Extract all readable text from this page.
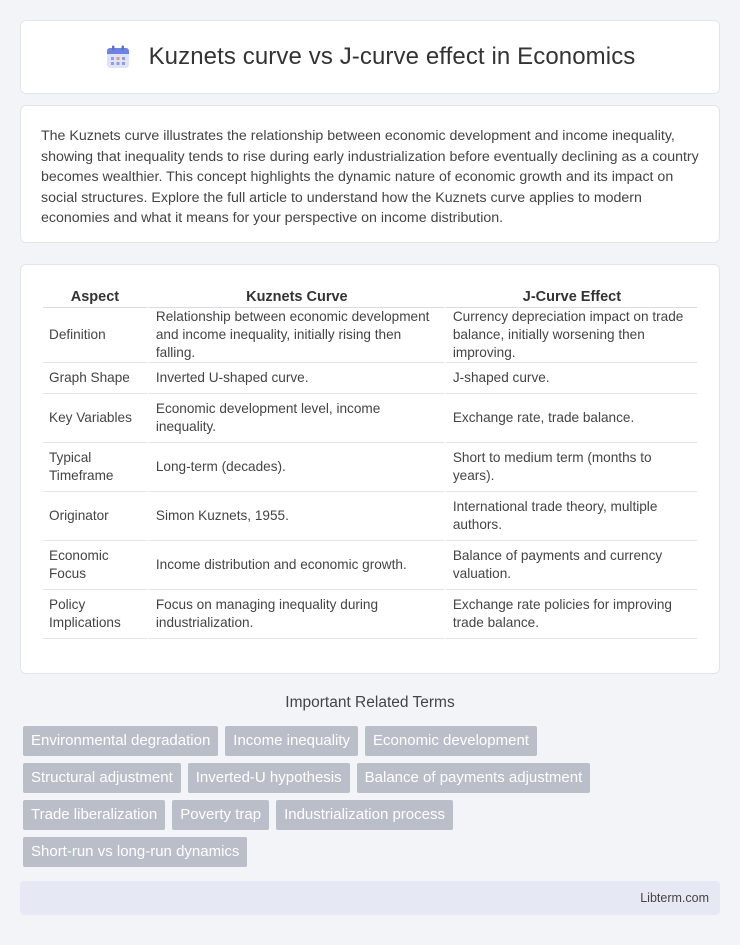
Kuznets curve vs J-curve effect in Economics

The Kuznets curve illustrates the relationship between economic development and income inequality, showing that inequality tends to rise during early industrialization before eventually declining as a country becomes wealthier. This concept highlights the dynamic nature of economic growth and its impact on social structures. Explore the full article to understand how the Kuznets curve applies to modern economies and what it means for your perspective on income distribution.

Aspect	Kuznets Curve	J-Curve Effect
Definition	Relationship between economic development and income inequality, initially rising then falling.	Currency depreciation impact on trade balance, initially worsening then improving.
Graph Shape	Inverted U-shaped curve.	J-shaped curve.
Key Variables	Economic development level, income inequality.	Exchange rate, trade balance.
Typical Timeframe	Long-term (decades).	Short to medium term (months to years).
Originator	Simon Kuznets, 1955.	International trade theory, multiple authors.
Economic Focus	Income distribution and economic growth.	Balance of payments and currency valuation.
Policy Implications	Focus on managing inequality during industrialization.	Exchange rate policies for improving trade balance.
Important Related Terms
Environmental degradation	Income inequality	Economic development
Structural adjustment	Inverted-U hypothesis	Balance of payments adjustment
Trade liberalization	Poverty trap	Industrialization process
Short-run vs long-run dynamics
Libterm.com
